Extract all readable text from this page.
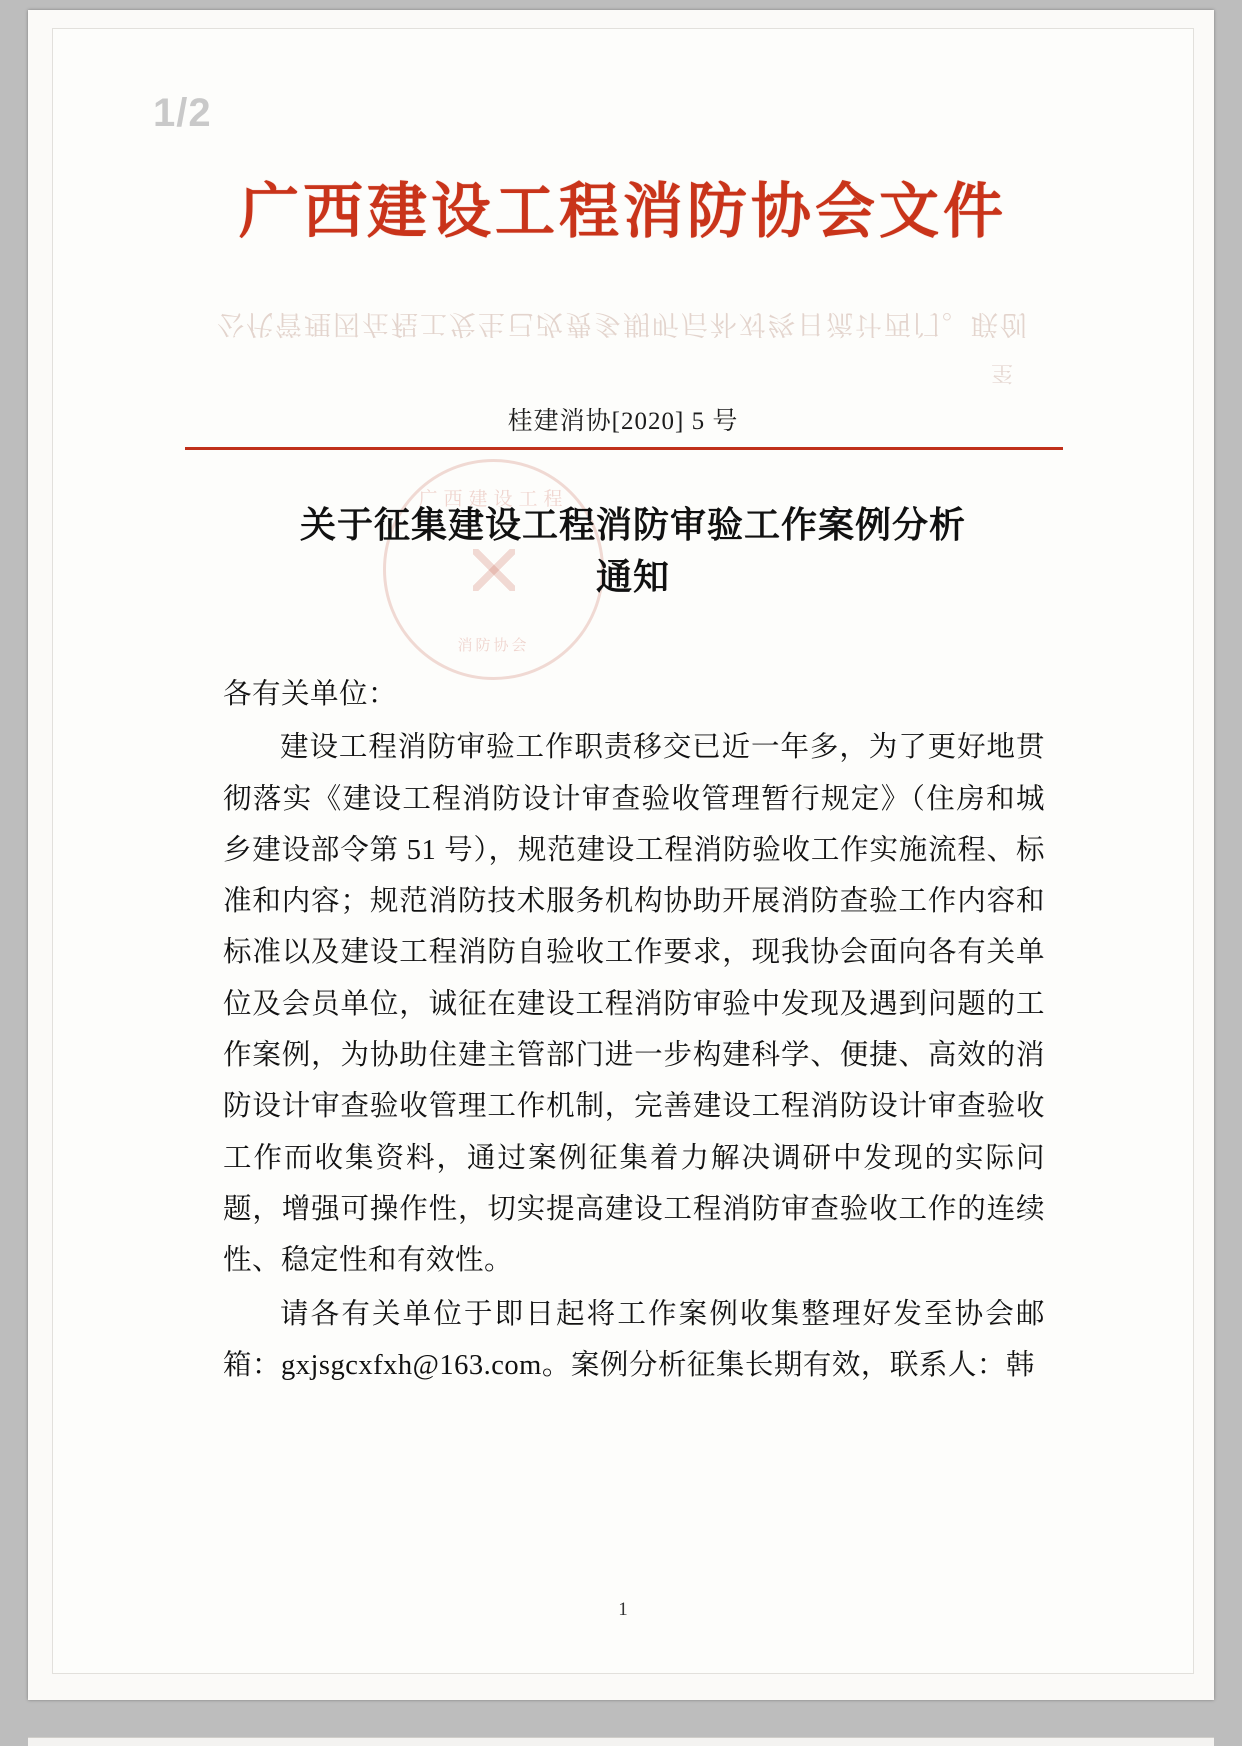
1/2
广西建设工程消防协会文件
公代管理因在程工发生已改费多期听后补对终日流计西门。联创
至
桂建消协[2020] 5 号
广西建设工程
消防协会
关于征集建设工程消防审验工作案例分析
通知

各有关单位：

建设工程消防审验工作职责移交已近一年多，为了更好地贯彻落实《建设工程消防设计审查验收管理暂行规定》（住房和城乡建设部令第 51 号），规范建设工程消防验收工作实施流程、标准和内容；规范消防技术服务机构协助开展消防查验工作内容和标准以及建设工程消防自验收工作要求，现我协会面向各有关单位及会员单位，诚征在建设工程消防审验中发现及遇到问题的工作案例，为协助住建主管部门进一步构建科学、便捷、高效的消防设计审查验收管理工作机制，完善建设工程消防设计审查验收工作而收集资料，通过案例征集着力解决调研中发现的实际问题，增强可操作性，切实提高建设工程消防审查验收工作的连续性、稳定性和有效性。

请各有关单位于即日起将工作案例收集整理好发至协会邮箱：gxjsgcxfxh@163.com。案例分析征集长期有效，联系人：韩

1
